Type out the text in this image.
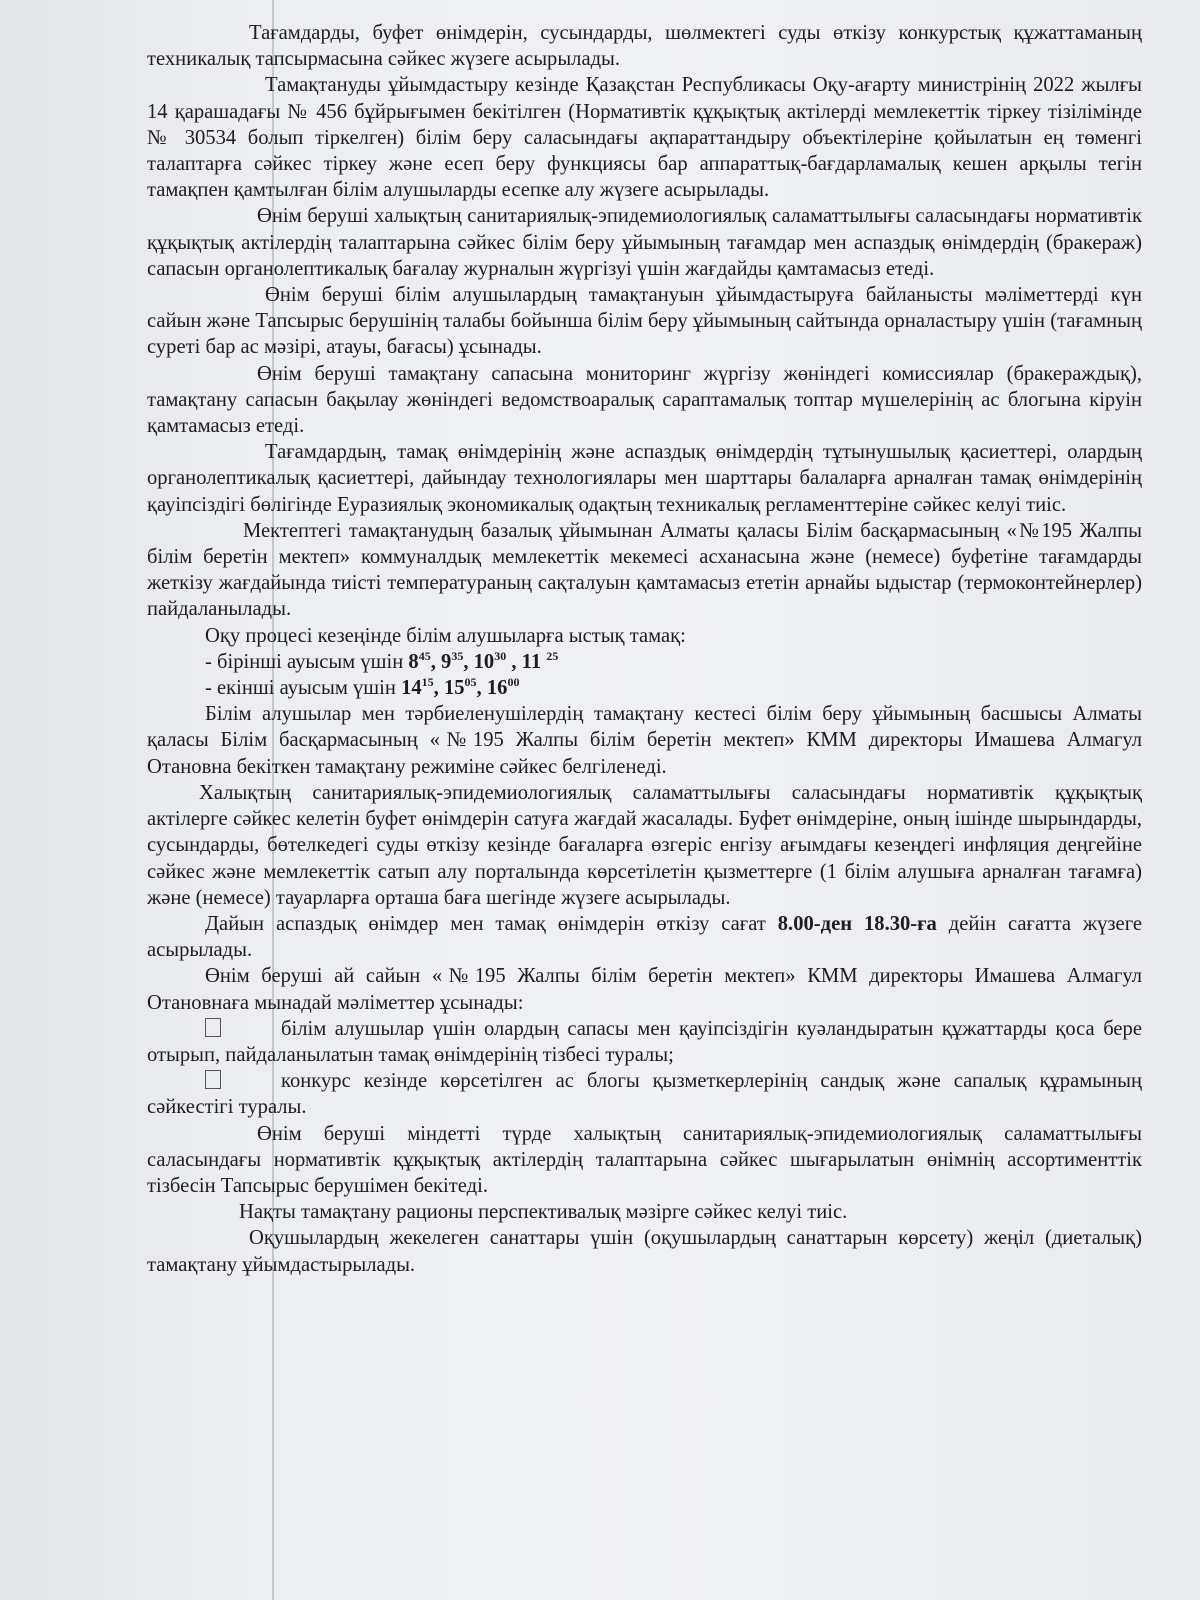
Тағамдарды, буфет өнімдерін, сусындарды, шөлмектегі суды өткізу конкурстық құжаттаманың техникалық тапсырмасына сәйкес жүзеге асырылады.

Тамақтануды ұйымдастыру кезінде Қазақстан Республикасы Оқу-ағарту министрінің 2022 жылғы 14 қарашадағы № 456 бұйрығымен бекітілген (Нормативтік құқықтық актілерді мемлекеттік тіркеу тізілімінде № 30534 болып тіркелген) білім беру саласындағы ақпараттандыру объектілеріне қойылатын ең төменгі талаптарға сәйкес тіркеу және есеп беру функциясы бар аппараттық-бағдарламалық кешен арқылы тегін тамақпен қамтылған білім алушыларды есепке алу жүзеге асырылады.

Өнім беруші халықтың санитариялық-эпидемиологиялық саламаттылығы саласындағы нормативтік құқықтық актілердің талаптарына сәйкес білім беру ұйымының тағамдар мен аспаздық өнімдердің (бракераж) сапасын органолептикалық бағалау журналын жүргізуі үшін жағдайды қамтамасыз етеді.

Өнім беруші білім алушылардың тамақтануын ұйымдастыруға байланысты мәліметтерді күн сайын және Тапсырыс берушінің талабы бойынша білім беру ұйымының сайтында орналастыру үшін (тағамның суреті бар ас мәзірі, атауы, бағасы) ұсынады.

Өнім беруші тамақтану сапасына мониторинг жүргізу жөніндегі комиссиялар (бракераждық), тамақтану сапасын бақылау жөніндегі ведомствоаралық сараптамалық топтар мүшелерінің ас блогына кіруін қамтамасыз етеді.

Тағамдардың, тамақ өнімдерінің және аспаздық өнімдердің тұтынушылық қасиеттері, олардың органолептикалық қасиеттері, дайындау технологиялары мен шарттары балаларға арналған тамақ өнімдерінің қауіпсіздігі бөлігінде Еуразиялық экономикалық одақтың техникалық регламенттеріне сәйкес келуі тиіс.

Мектептегі тамақтанудың базалық ұйымынан Алматы қаласы Білім басқармасының «№195 Жалпы білім беретін мектеп» коммуналдық мемлекеттік мекемесі асханасына және (немесе) буфетіне тағамдарды жеткізу жағдайында тиісті температураның сақталуын қамтамасыз ететін арнайы ыдыстар (термоконтейнерлер) пайдаланылады.

Оқу процесі кезеңінде білім алушыларға ыстық тамақ:

- бірінші ауысым үшін $8^{45}$, $9^{35}$, $10^{30}$ , 11 $^{25}$

- екінші ауысым үшін $14^{15}$, $15^{05}$, $16^{00}$

Білім алушылар мен тәрбиеленушілердің тамақтану кестесі білім беру ұйымының басшысы Алматы қаласы Білім басқармасының «№195 Жалпы білім беретін мектеп» КММ директоры Имашева Алмагул Отановна бекіткен тамақтану режиміне сәйкес белгіленеді.

Халықтың санитариялық-эпидемиологиялық саламаттылығы саласындағы нормативтік құқықтық актілерге сәйкес келетін буфет өнімдерін сатуға жағдай жасалады. Буфет өнімдеріне, оның ішінде шырындарды, сусындарды, бөтелкедегі суды өткізу кезінде бағаларға өзгеріс енгізу ағымдағы кезеңдегі инфляция деңгейіне сәйкес және мемлекеттік сатып алу порталында көрсетілетін қызметтерге (1 білім алушыға арналған тағамға) және (немесе) тауарларға орташа баға шегінде жүзеге асырылады.

Дайын аспаздық өнімдер мен тамақ өнімдерін өткізу сағат 8.00-ден 18.30-ға дейін сағатта жүзеге асырылады.

Өнім беруші ай сайын «№195 Жалпы білім беретін мектеп» КММ директоры Имашева Алмагул Отановнаға мынадай мәліметтер ұсынады:

білім алушылар үшін олардың сапасы мен қауіпсіздігін куәландыратын құжаттарды қоса бере отырып, пайдаланылатын тамақ өнімдерінің тізбесі туралы;

конкурс кезінде көрсетілген ас блогы қызметкерлерінің сандық және сапалық құрамының сәйкестігі туралы.

Өнім беруші міндетті түрде халықтың санитариялық-эпидемиологиялық саламаттылығы саласындағы нормативтік құқықтық актілердің талаптарына сәйкес шығарылатын өнімнің ассортименттік тізбесін Тапсырыс берушімен бекітеді.

Нақты тамақтану рационы перспективалық мәзірге сәйкес келуі тиіс.

Оқушылардың жекелеген санаттары үшін (оқушылардың санаттарын көрсету) жеңіл (диеталық) тамақтану ұйымдастырылады.
